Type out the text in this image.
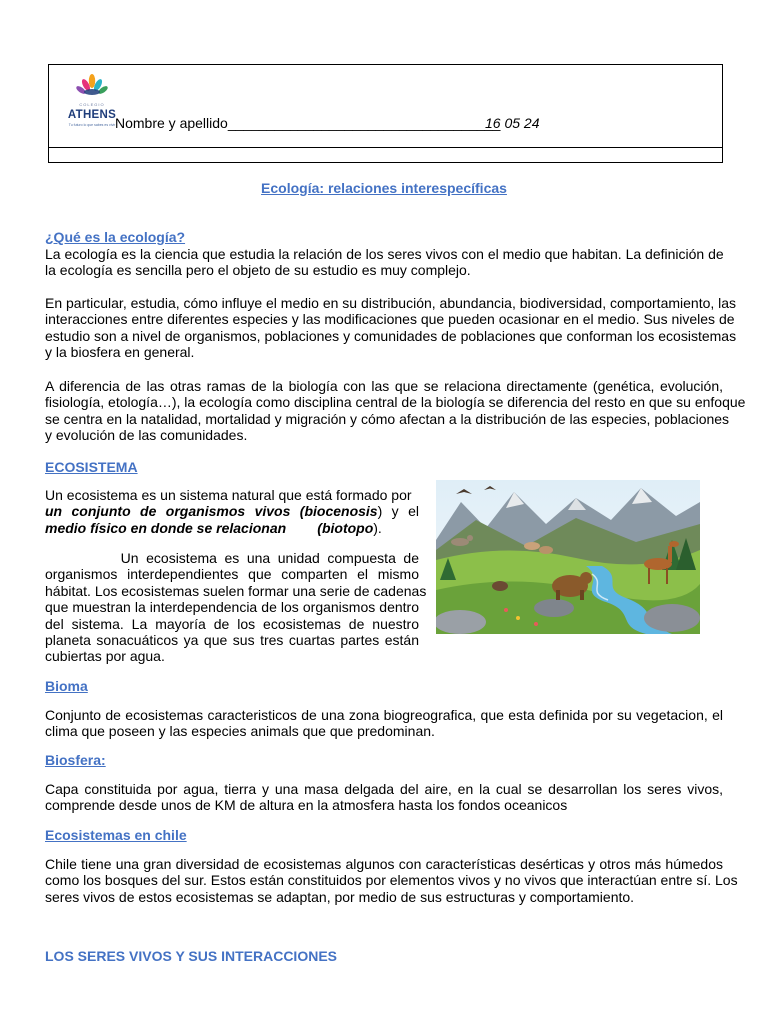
COLEGIO
ATHENS
Tu futuro lo que sabes es vivir Nombre y apellido___________________________________
16 05 24
Ecología: relaciones interespecíficas
¿Qué es la ecología?
La ecología es la ciencia que estudia la relación de los seres vivos con el medio que habitan. La definición de
la ecología es sencilla pero el objeto de su estudio es muy complejo.
En particular, estudia, cómo influye el medio en su distribución, abundancia, biodiversidad, comportamiento, las
interacciones entre diferentes especies y las modificaciones que pueden ocasionar en el medio. Sus niveles de
estudio son a nivel de organismos, poblaciones y comunidades de poblaciones que conforman los ecosistemas
y la biosfera en general.
A diferencia de las otras ramas de la biología con las que se relaciona directamente (genética, evolución,
fisiología, etología…), la ecología como disciplina central de la biología se diferencia del resto en que su enfoque
se centra en la natalidad, mortalidad y migración y cómo afectan a la distribución de las especies, poblaciones
y evolución de las comunidades.
ECOSISTEMA
Un ecosistema es un sistema natural que está formado por
un conjunto de organismos vivos (biocenosis) y el
medio físico en donde se relacionan        (biotopo).
Un ecosistema es una unidad compuesta de
organismos interdependientes que comparten el mismo
hábitat. Los ecosistemas suelen formar una serie de cadenas
que muestran la interdependencia de los organismos dentro
del sistema. La mayoría de los ecosistemas de nuestro
planeta sonacuáticos ya que sus tres cuartas partes están
cubiertas por agua.
Bioma
Conjunto de ecosistemas caracteristicos de una zona biogreografica, que esta definida por su vegetacion, el
clima que poseen y las especies animals que que predominan.
Biosfera:
Capa constituida por agua, tierra y una masa delgada del aire, en la cual se desarrollan los seres vivos,
comprende desde unos de KM de altura en la atmosfera hasta los fondos oceanicos
Ecosistemas en chile
Chile tiene una gran diversidad de ecosistemas algunos con características desérticas y otros más húmedos
como los bosques del sur. Estos están constituidos por elementos vivos y no vivos que interactúan entre sí. Los
seres vivos de estos ecosistemas se adaptan, por medio de sus estructuras y comportamiento.
LOS SERES VIVOS Y SUS INTERACCIONES
